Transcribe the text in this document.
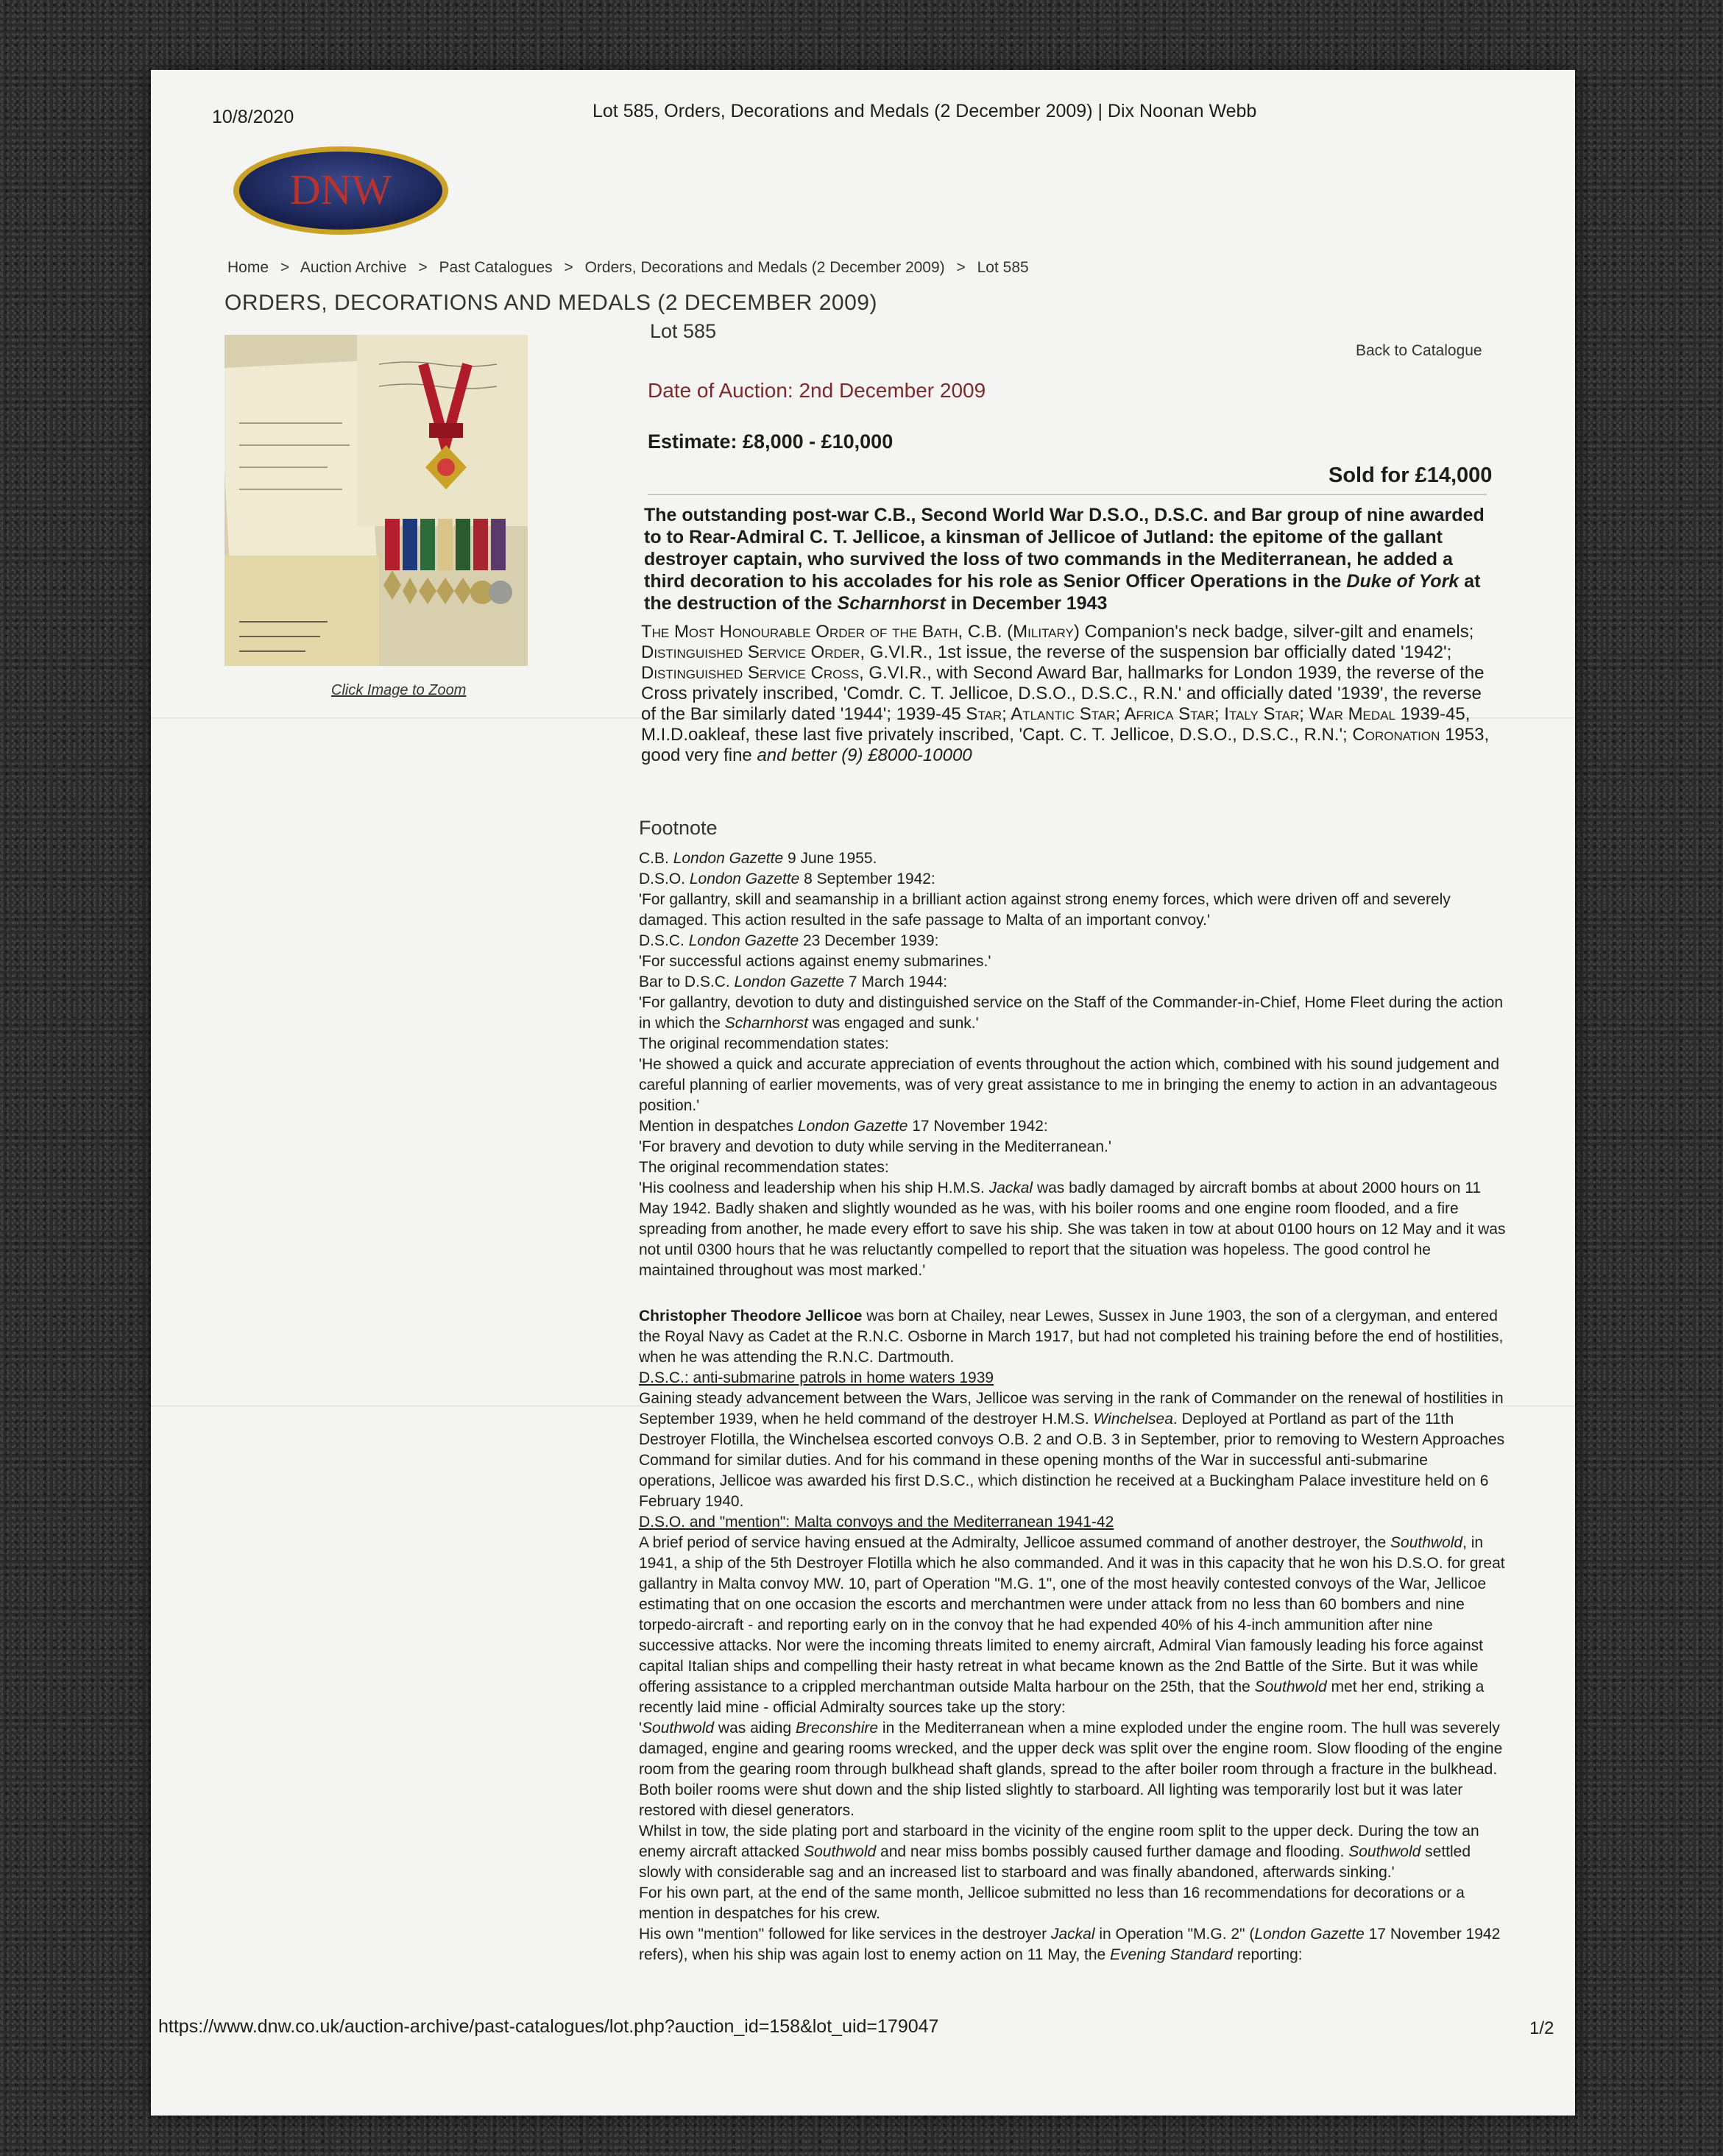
10/8/2020	Lot 585, Orders, Decorations and Medals (2 December 2009) | Dix Noonan Webb
DNW
Home > Auction Archive > Past Catalogues > Orders, Decorations and Medals (2 December 2009) > Lot 585
ORDERS, DECORATIONS AND MEDALS (2 DECEMBER 2009)
Lot 585
Back to Catalogue
Click Image to Zoom
Date of Auction: 2nd December 2009
Estimate: £8,000 - £10,000
Sold for £14,000
The outstanding post-war C.B., Second World War D.S.O., D.S.C. and Bar group of nine awarded to to Rear-Admiral C. T. Jellicoe, a kinsman of Jellicoe of Jutland: the epitome of the gallant destroyer captain, who survived the loss of two commands in the Mediterranean, he added a third decoration to his accolades for his role as Senior Officer Operations in the Duke of York at the destruction of the Scharnhorst in December 1943
The Most Honourable Order of the Bath, C.B. (Military) Companion's neck badge, silver-gilt and enamels; Distinguished Service Order, G.VI.R., 1st issue, the reverse of the suspension bar officially dated '1942'; Distinguished Service Cross, G.VI.R., with Second Award Bar, hallmarks for London 1939, the reverse of the Cross privately inscribed, 'Comdr. C. T. Jellicoe, D.S.O., D.S.C., R.N.' and officially dated '1939', the reverse of the Bar similarly dated '1944'; 1939-45 Star; Atlantic Star; Africa Star; Italy Star; War Medal 1939-45, M.I.D.oakleaf, these last five privately inscribed, 'Capt. C. T. Jellicoe, D.S.O., D.S.C., R.N.'; Coronation 1953, good very fine and better (9) £8000-10000
Footnote

C.B. London Gazette 9 June 1955.

D.S.O. London Gazette 8 September 1942:

'For gallantry, skill and seamanship in a brilliant action against strong enemy forces, which were driven off and severely damaged. This action resulted in the safe passage to Malta of an important convoy.'

D.S.C. London Gazette 23 December 1939:

'For successful actions against enemy submarines.'

Bar to D.S.C. London Gazette 7 March 1944:

'For gallantry, devotion to duty and distinguished service on the Staff of the Commander-in-Chief, Home Fleet during the action in which the Scharnhorst was engaged and sunk.'

The original recommendation states:

'He showed a quick and accurate appreciation of events throughout the action which, combined with his sound judgement and careful planning of earlier movements, was of very great assistance to me in bringing the enemy to action in an advantageous position.'

Mention in despatches London Gazette 17 November 1942:

'For bravery and devotion to duty while serving in the Mediterranean.'

The original recommendation states:

'His coolness and leadership when his ship H.M.S. Jackal was badly damaged by aircraft bombs at about 2000 hours on 11 May 1942. Badly shaken and slightly wounded as he was, with his boiler rooms and one engine room flooded, and a fire spreading from another, he made every effort to save his ship. She was taken in tow at about 0100 hours on 12 May and it was not until 0300 hours that he was reluctantly compelled to report that the situation was hopeless. The good control he maintained throughout was most marked.'

Christopher Theodore Jellicoe was born at Chailey, near Lewes, Sussex in June 1903, the son of a clergyman, and entered the Royal Navy as Cadet at the R.N.C. Osborne in March 1917, but had not completed his training before the end of hostilities, when he was attending the R.N.C. Dartmouth.

D.S.C.: anti-submarine patrols in home waters 1939

Gaining steady advancement between the Wars, Jellicoe was serving in the rank of Commander on the renewal of hostilities in September 1939, when he held command of the destroyer H.M.S. Winchelsea. Deployed at Portland as part of the 11th Destroyer Flotilla, the Winchelsea escorted convoys O.B. 2 and O.B. 3 in September, prior to removing to Western Approaches Command for similar duties. And for his command in these opening months of the War in successful anti-submarine operations, Jellicoe was awarded his first D.S.C., which distinction he received at a Buckingham Palace investiture held on 6 February 1940.

D.S.O. and "mention": Malta convoys and the Mediterranean 1941-42

A brief period of service having ensued at the Admiralty, Jellicoe assumed command of another destroyer, the Southwold, in 1941, a ship of the 5th Destroyer Flotilla which he also commanded. And it was in this capacity that he won his D.S.O. for great gallantry in Malta convoy MW. 10, part of Operation "M.G. 1", one of the most heavily contested convoys of the War, Jellicoe estimating that on one occasion the escorts and merchantmen were under attack from no less than 60 bombers and nine torpedo-aircraft - and reporting early on in the convoy that he had expended 40% of his 4-inch ammunition after nine successive attacks. Nor were the incoming threats limited to enemy aircraft, Admiral Vian famously leading his force against capital Italian ships and compelling their hasty retreat in what became known as the 2nd Battle of the Sirte. But it was while offering assistance to a crippled merchantman outside Malta harbour on the 25th, that the Southwold met her end, striking a recently laid mine - official Admiralty sources take up the story:

'Southwold was aiding Breconshire in the Mediterranean when a mine exploded under the engine room. The hull was severely damaged, engine and gearing rooms wrecked, and the upper deck was split over the engine room. Slow flooding of the engine room from the gearing room through bulkhead shaft glands, spread to the after boiler room through a fracture in the bulkhead. Both boiler rooms were shut down and the ship listed slightly to starboard. All lighting was temporarily lost but it was later restored with diesel generators.

Whilst in tow, the side plating port and starboard in the vicinity of the engine room split to the upper deck. During the tow an enemy aircraft attacked Southwold and near miss bombs possibly caused further damage and flooding. Southwold settled slowly with considerable sag and an increased list to starboard and was finally abandoned, afterwards sinking.'

For his own part, at the end of the same month, Jellicoe submitted no less than 16 recommendations for decorations or a mention in despatches for his crew.

His own "mention" followed for like services in the destroyer Jackal in Operation "M.G. 2" (London Gazette 17 November 1942 refers), when his ship was again lost to enemy action on 11 May, the Evening Standard reporting:

https://www.dnw.co.uk/auction-archive/past-catalogues/lot.php?auction_id=158&lot_uid=179047	1/2
